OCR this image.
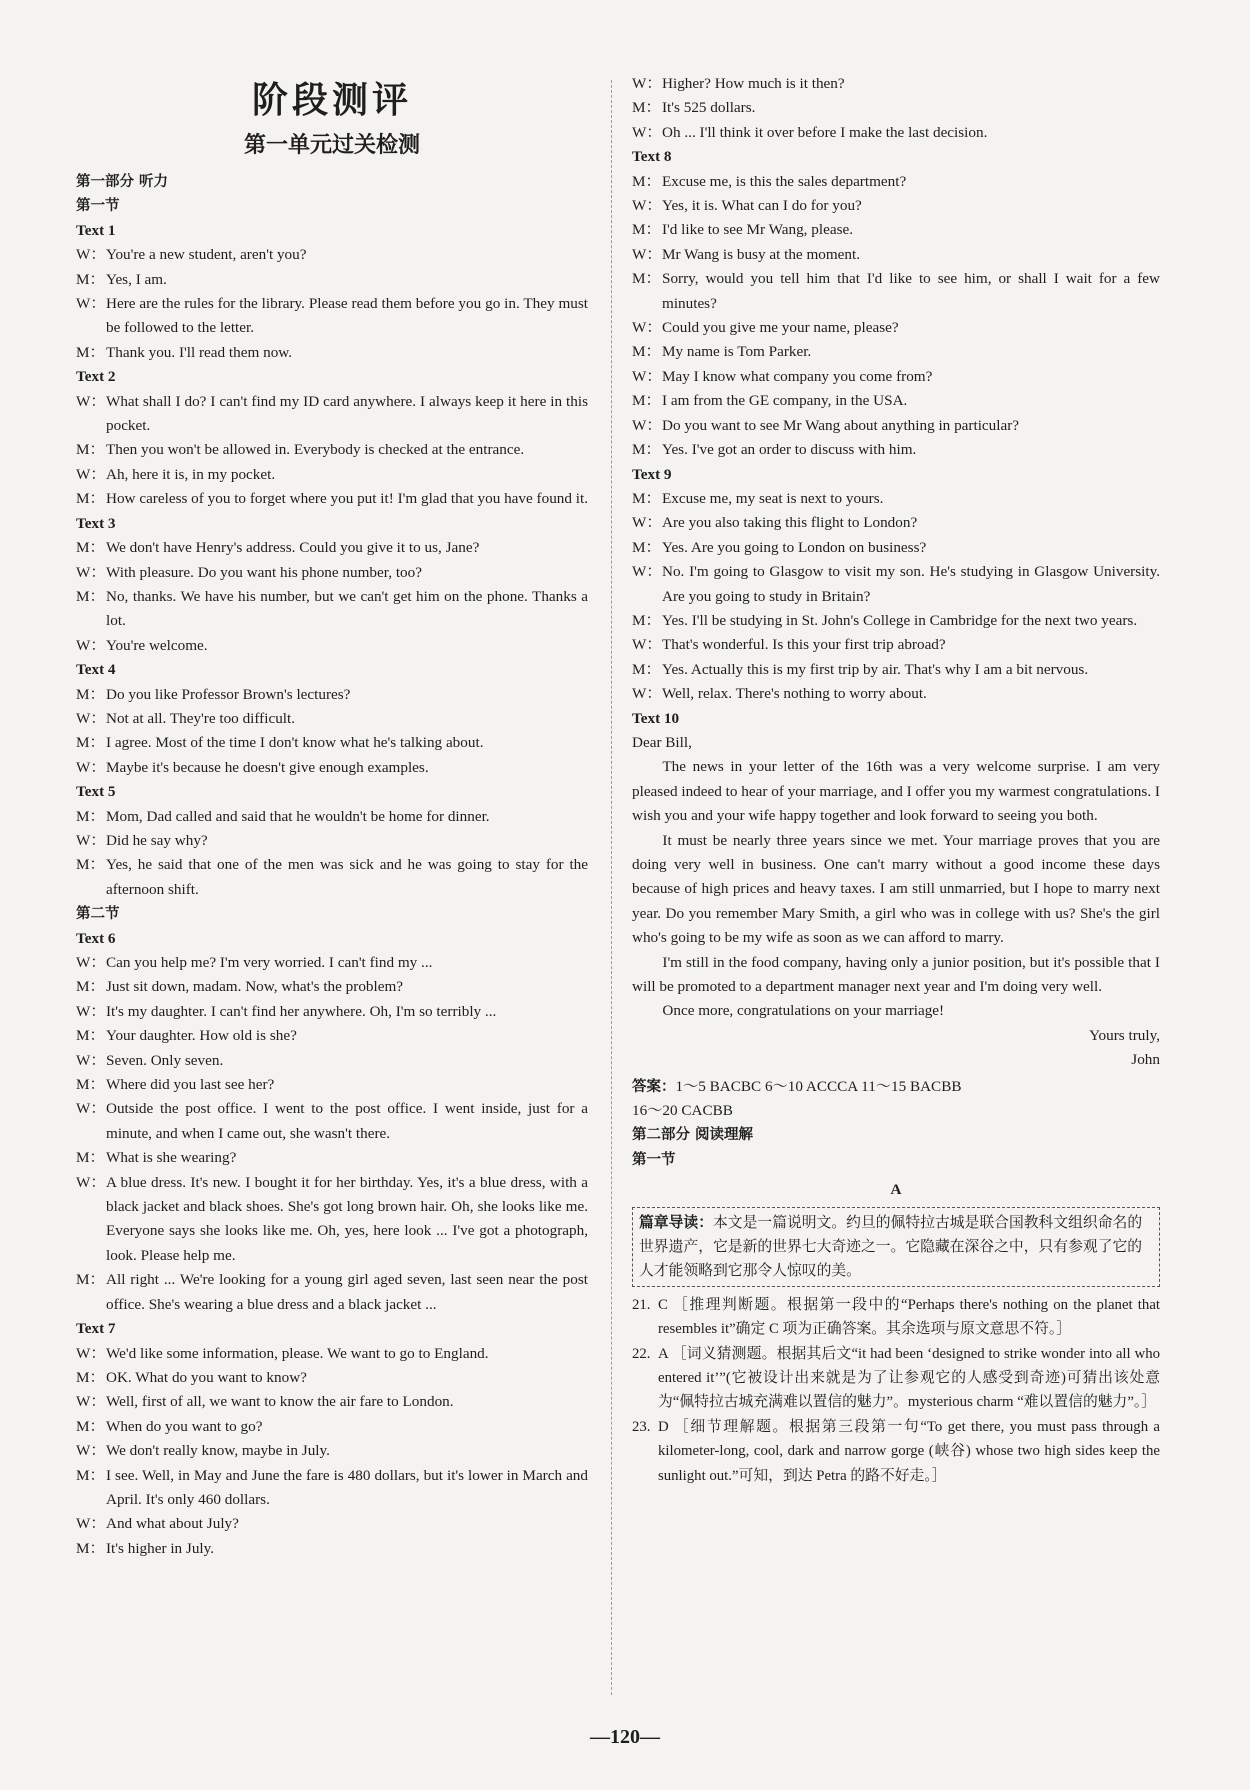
阶段测评
第一单元过关检测
第一部分 听力
第一节
Text 1
W： You're a new student, aren't you?
M： Yes, I am.
W： Here are the rules for the library. Please read them before you go in. They must be followed to the letter.
M： Thank you. I'll read them now.
Text 2
W： What shall I do? I can't find my ID card anywhere. I always keep it here in this pocket.
M： Then you won't be allowed in. Everybody is checked at the entrance.
W： Ah, here it is, in my pocket.
M： How careless of you to forget where you put it! I'm glad that you have found it.
Text 3
M： We don't have Henry's address. Could you give it to us, Jane?
W： With pleasure. Do you want his phone number, too?
M： No, thanks. We have his number, but we can't get him on the phone. Thanks a lot.
W： You're welcome.
Text 4
M： Do you like Professor Brown's lectures?
W： Not at all. They're too difficult.
M： I agree. Most of the time I don't know what he's talking about.
W： Maybe it's because he doesn't give enough examples.
Text 5
M： Mom, Dad called and said that he wouldn't be home for dinner.
W： Did he say why?
M： Yes, he said that one of the men was sick and he was going to stay for the afternoon shift.
第二节
Text 6
W： Can you help me? I'm very worried. I can't find my ...
M： Just sit down, madam. Now, what's the problem?
W： It's my daughter. I can't find her anywhere. Oh, I'm so terribly ...
M： Your daughter. How old is she?
W： Seven. Only seven.
M： Where did you last see her?
W： Outside the post office. I went to the post office. I went inside, just for a minute, and when I came out, she wasn't there.
M： What is she wearing?
W： A blue dress. It's new. I bought it for her birthday. Yes, it's a blue dress, with a black jacket and black shoes. She's got long brown hair. Oh, she looks like me. Everyone says she looks like me. Oh, yes, here look ... I've got a photograph, look. Please help me.
M： All right ... We're looking for a young girl aged seven, last seen near the post office. She's wearing a blue dress and a black jacket ...
Text 7
W： We'd like some information, please. We want to go to England.
M： OK. What do you want to know?
W： Well, first of all, we want to know the air fare to London.
M： When do you want to go?
W： We don't really know, maybe in July.
M： I see. Well, in May and June the fare is 480 dollars, but it's lower in March and April. It's only 460 dollars.
W： And what about July?
M： It's higher in July.
W： Higher? How much is it then?
M： It's 525 dollars.
W： Oh ... I'll think it over before I make the last decision.
Text 8
M： Excuse me, is this the sales department?
W： Yes, it is. What can I do for you?
M： I'd like to see Mr Wang, please.
W： Mr Wang is busy at the moment.
M： Sorry, would you tell him that I'd like to see him, or shall I wait for a few minutes?
W： Could you give me your name, please?
M： My name is Tom Parker.
W： May I know what company you come from?
M： I am from the GE company, in the USA.
W： Do you want to see Mr Wang about anything in particular?
M： Yes. I've got an order to discuss with him.
Text 9
M： Excuse me, my seat is next to yours.
W： Are you also taking this flight to London?
M： Yes. Are you going to London on business?
W： No. I'm going to Glasgow to visit my son. He's studying in Glasgow University. Are you going to study in Britain?
M： Yes. I'll be studying in St. John's College in Cambridge for the next two years.
W： That's wonderful. Is this your first trip abroad?
M： Yes. Actually this is my first trip by air. That's why I am a bit nervous.
W： Well, relax. There's nothing to worry about.
Text 10

Dear Bill,

The news in your letter of the 16th was a very welcome surprise. I am very pleased indeed to hear of your marriage, and I offer you my warmest congratulations. I wish you and your wife happy together and look forward to seeing you both.

It must be nearly three years since we met. Your marriage proves that you are doing very well in business. One can't marry without a good income these days because of high prices and heavy taxes. I am still unmarried, but I hope to marry next year. Do you remember Mary Smith, a girl who was in college with us? She's the girl who's going to be my wife as soon as we can afford to marry.

I'm still in the food company, having only a junior position, but it's possible that I will be promoted to a department manager next year and I'm doing very well.

Once more, congratulations on your marriage!

Yours truly,

John

答案：1～5 BACBC 6～10 ACCCA 11～15 BACBB
16～20 CACBB
第二部分 阅读理解
第一节
A
篇章导读：本文是一篇说明文。约旦的佩特拉古城是联合国教科文组织命名的世界遗产，它是新的世界七大奇迹之一。它隐藏在深谷之中，只有参观了它的人才能领略到它那令人惊叹的美。
21. C ［推理判断题。根据第一段中的“Perhaps there's nothing on the planet that resembles it”确定 C 项为正确答案。其余选项与原文意思不符。］
22. A ［词义猜测题。根据其后文“it had been ‘designed to strike wonder into all who entered it’”(它被设计出来就是为了让参观它的人感受到奇迹)可猜出该处意为“佩特拉古城充满难以置信的魅力”。mysterious charm “难以置信的魅力”。］
23. D ［细节理解题。根据第三段第一句“To get there, you must pass through a kilometer-long, cool, dark and narrow gorge (峡谷) whose two high sides keep the sunlight out.”可知，到达 Petra 的路不好走。］
—120—
